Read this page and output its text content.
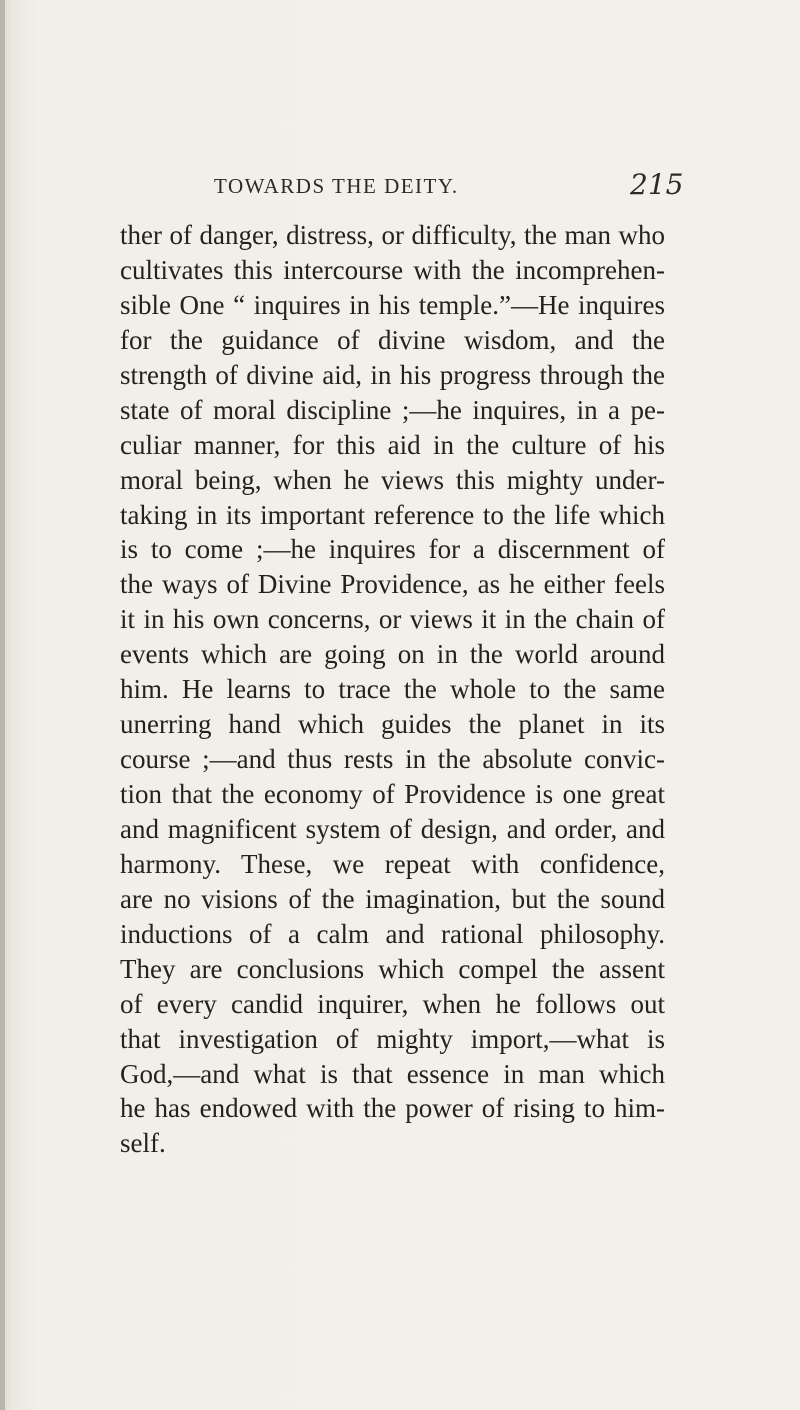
TOWARDS THE DEITY.	215
ther of danger, distress, or difficulty, the man who
cultivates this intercourse with the incomprehen-
sible One “ inquires in his temple.”—He inquires
for the guidance of divine wisdom, and the
strength of divine aid, in his progress through the
state of moral discipline ;—he inquires, in a pe-
culiar manner, for this aid in the culture of his
moral being, when he views this mighty under-
taking in its important reference to the life which
is to come ;—he inquires for a discernment of
the ways of Divine Providence, as he either feels
it in his own concerns, or views it in the chain of
events which are going on in the world around
him. He learns to trace the whole to the same
unerring hand which guides the planet in its
course ;—and thus rests in the absolute convic-
tion that the economy of Providence is one great
and magnificent system of design, and order, and
harmony. These, we repeat with confidence,
are no visions of the imagination, but the sound
inductions of a calm and rational philosophy.
They are conclusions which compel the assent
of every candid inquirer, when he follows out
that investigation of mighty import,—what is
God,—and what is that essence in man which
he has endowed with the power of rising to him-
self.
